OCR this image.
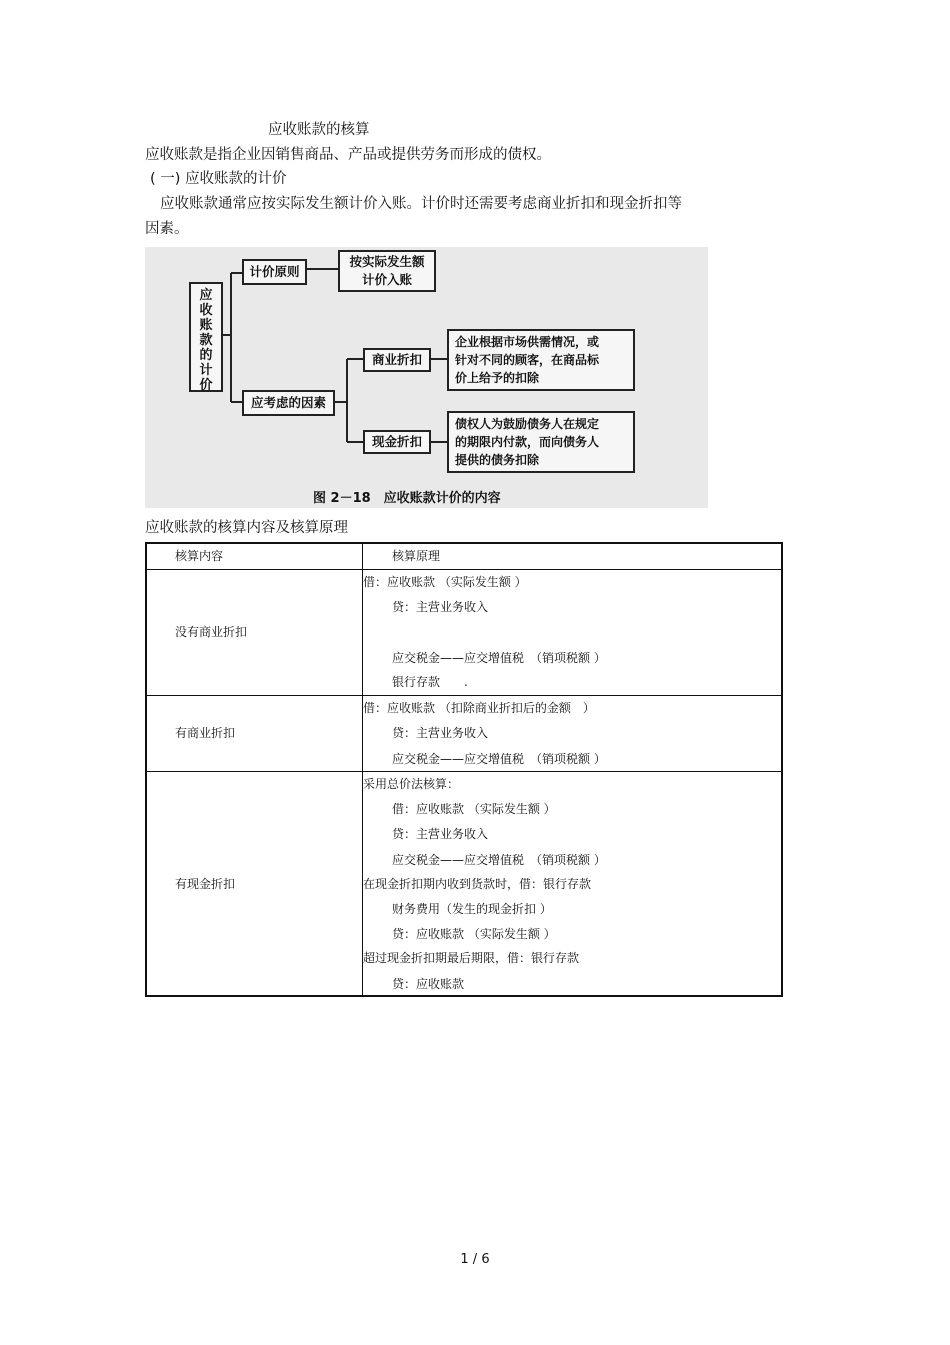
应收账款的核算
应收账款是指企业因销售商品、产品或提供劳务而形成的债权。
( 一) 应收账款的计价
应收账款通常应按实际发生额计价入账。计价时还需要考虑商业折扣和现金折扣等
因素。
应收账款的计价
计价原则
按实际发生额
计价入账
应考虑的因素
商业折扣
企业根据市场供需情况，或
针对不同的顾客，在商品标
价上给予的扣除
现金折扣
债权人为鼓励债务人在规定
的期限内付款，而向债务人
提供的债务扣除
图 2－18　应收账款计价的内容
应收账款的核算内容及核算原理
核算内容	核算原理
没有商业折扣
借：应收账款 （实际发生额 ）
贷：主营业务收入
应交税金——应交增值税　（销项税额 ）
银行存款　　.
有商业折扣
借：应收账款 （扣除商业折扣后的金额　）
贷：主营业务收入
应交税金——应交增值税　（销项税额 ）
有现金折扣
采用总价法核算：
借：应收账款 （实际发生额 ）
贷：主营业务收入
应交税金——应交增值税　（销项税额 ）
在现金折扣期内收到货款时，借：银行存款
财务费用（发生的现金折扣 ）
贷：应收账款 （实际发生额 ）
超过现金折扣期最后期限，借：银行存款
贷：应收账款
1 / 6
